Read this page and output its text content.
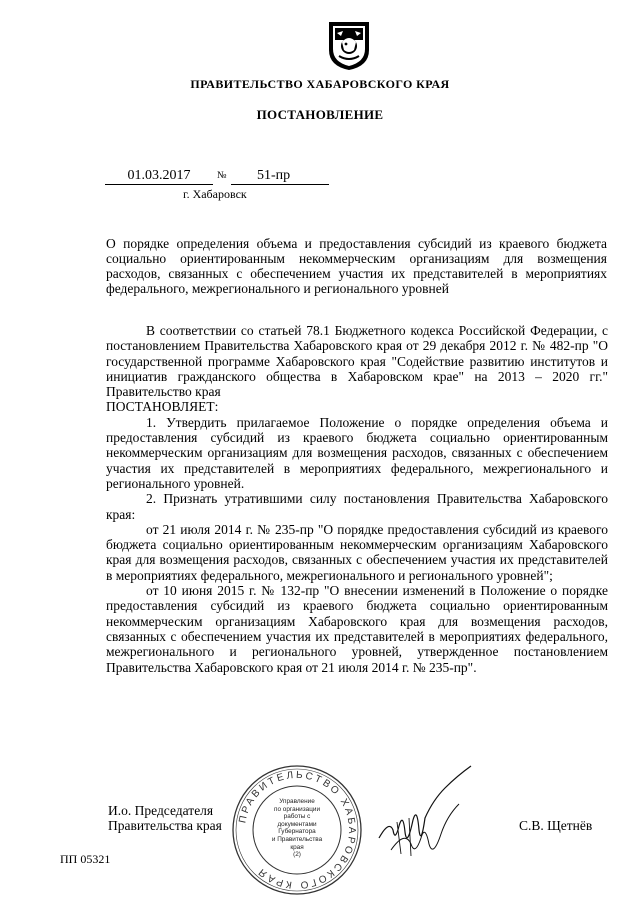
ПРАВИТЕЛЬСТВО ХАБАРОВСКОГО КРАЯ
ПОСТАНОВЛЕНИЕ
01.03.2017	№	51-пр
г. Хабаровск
О порядке определения объема и предоставления субсидий из краевого бюджета социально ориентированным некоммерческим организациям для возмещения расходов, связанных с обеспечением участия их представителей в мероприятиях федерального, межрегионального и регионального уровней

В соответствии со статьей 78.1 Бюджетного кодекса Российской Федерации, с постановлением Правительства Хабаровского края от 29 декабря 2012 г. № 482-пр "О государственной программе Хабаровского края "Содействие развитию институтов и инициатив гражданского общества в Хабаровском крае" на 2013 – 2020 гг." Правительство края

ПОСТАНОВЛЯЕТ:

1. Утвердить прилагаемое Положение о порядке определения объема и предоставления субсидий из краевого бюджета социально ориентированным некоммерческим организациям для возмещения расходов, связанных с обеспечением участия их представителей в мероприятиях федерального, межрегионального и регионального уровней.

2. Признать утратившими силу постановления Правительства Хабаровского края:

от 21 июля 2014 г. № 235-пр "О порядке предоставления субсидий из краевого бюджета социально ориентированным некоммерческим организациям Хабаровского края для возмещения расходов, связанных с обеспечением участия их представителей в мероприятиях федерального, межрегионального и регионального уровней";

от 10 июня 2015 г. № 132-пр "О внесении изменений в Положение о порядке предоставления субсидий из краевого бюджета социально ориентированным некоммерческим организациям Хабаровского края для возмещения расходов, связанных с обеспечением участия их представителей в мероприятиях федерального, межрегионального и регионального уровней, утвержденное постановлением Правительства Хабаровского края от 21 июля 2014 г. № 235-пр".

И.о. Председателя
Правительства края ПРАВИТЕЛЬСТВО ХАБАРОВСКОГО КРАЯ
Управление
по организации
работы с документами
Губернатора
и Правительства
края
(2)
С.В. Щетнёв
ПП 05321
